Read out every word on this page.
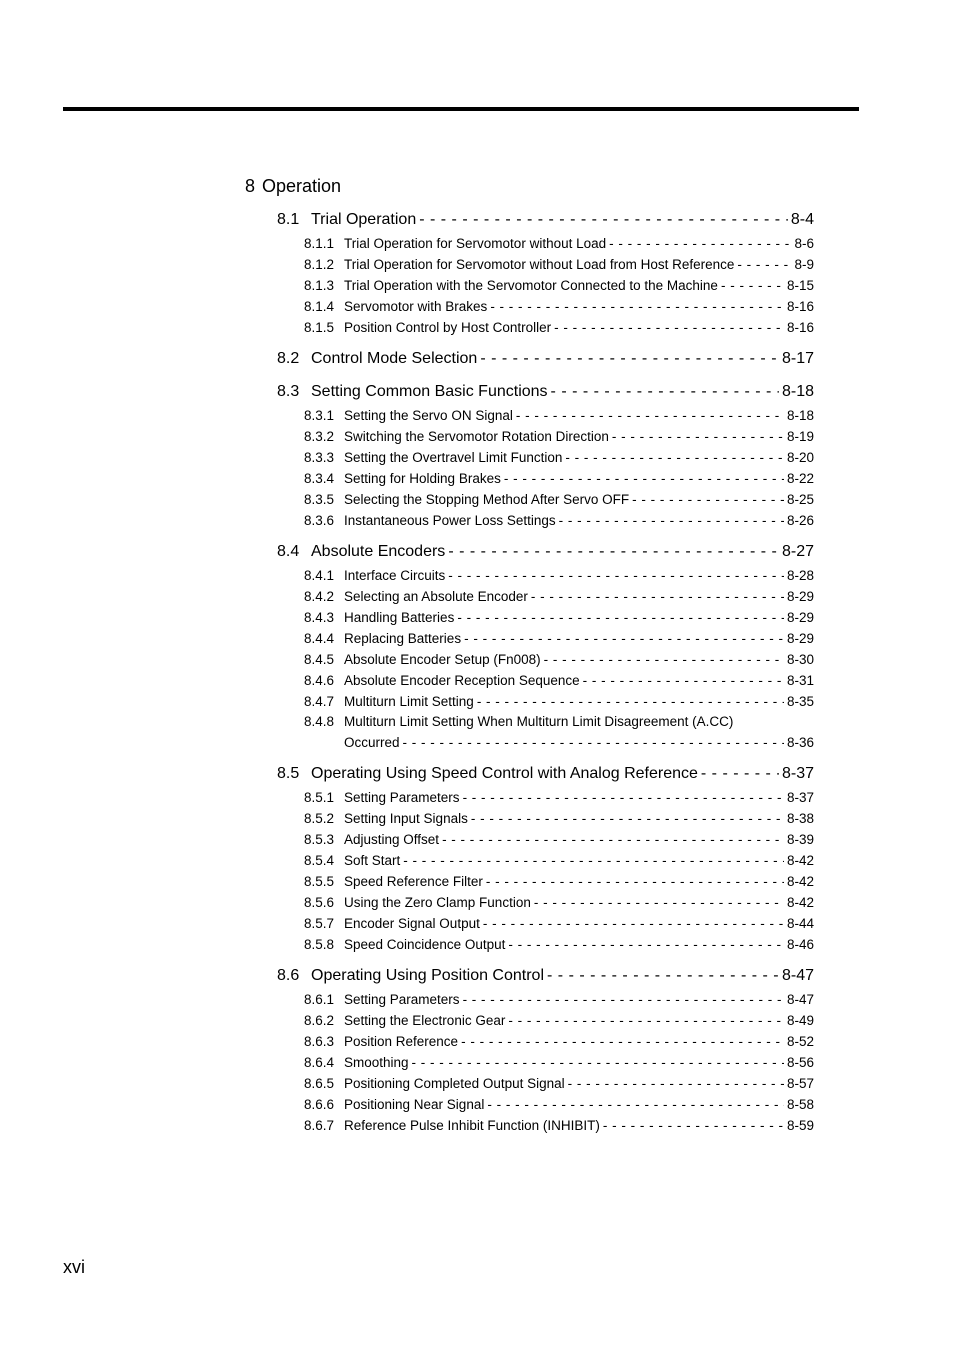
8 Operation
8.1 Trial Operation - - -	8-4
8.1.1 Trial Operation for Servomotor without Load - - -	8-6
8.1.2 Trial Operation for Servomotor without Load from Host Reference - - -	8-9
8.1.3 Trial Operation with the Servomotor Connected to the Machine - - -	8-15
8.1.4 Servomotor with Brakes - - -	8-16
8.1.5 Position Control by Host Controller - - -	8-16
8.2 Control Mode Selection - - -	8-17
8.3 Setting Common Basic Functions - - -	8-18
8.3.1 Setting the Servo ON Signal - - -	8-18
8.3.2 Switching the Servomotor Rotation Direction - - -	8-19
8.3.3 Setting the Overtravel Limit Function - - -	8-20
8.3.4 Setting for Holding Brakes - - -	8-22
8.3.5 Selecting the Stopping Method After Servo OFF - - -	8-25
8.3.6 Instantaneous Power Loss Settings - - -	8-26
8.4 Absolute Encoders - - -	8-27
8.4.1 Interface Circuits - - -	8-28
8.4.2 Selecting an Absolute Encoder - - -	8-29
8.4.3 Handling Batteries - - -	8-29
8.4.4 Replacing Batteries - - -	8-29
8.4.5 Absolute Encoder Setup (Fn008) - - -	8-30
8.4.6 Absolute Encoder Reception Sequence - - -	8-31
8.4.7 Multiturn Limit Setting - - -	8-35
8.4.8 Multiturn Limit Setting When Multiturn Limit Disagreement (A.CC)
Occurred - - -	8-36
8.5 Operating Using Speed Control with Analog Reference - - -	8-37
8.5.1 Setting Parameters - - -	8-37
8.5.2 Setting Input Signals - - -	8-38
8.5.3 Adjusting Offset - - -	8-39
8.5.4 Soft Start - - -	8-42
8.5.5 Speed Reference Filter - - -	8-42
8.5.6 Using the Zero Clamp Function - - -	8-42
8.5.7 Encoder Signal Output - - -	8-44
8.5.8 Speed Coincidence Output - - -	8-46
8.6 Operating Using Position Control - - -	8-47
8.6.1 Setting Parameters - - -	8-47
8.6.2 Setting the Electronic Gear - - -	8-49
8.6.3 Position Reference - - -	8-52
8.6.4 Smoothing - - -	8-56
8.6.5 Positioning Completed Output Signal - - -	8-57
8.6.6 Positioning Near Signal - - -	8-58
8.6.7 Reference Pulse Inhibit Function (INHIBIT) - - -	8-59
xvi
